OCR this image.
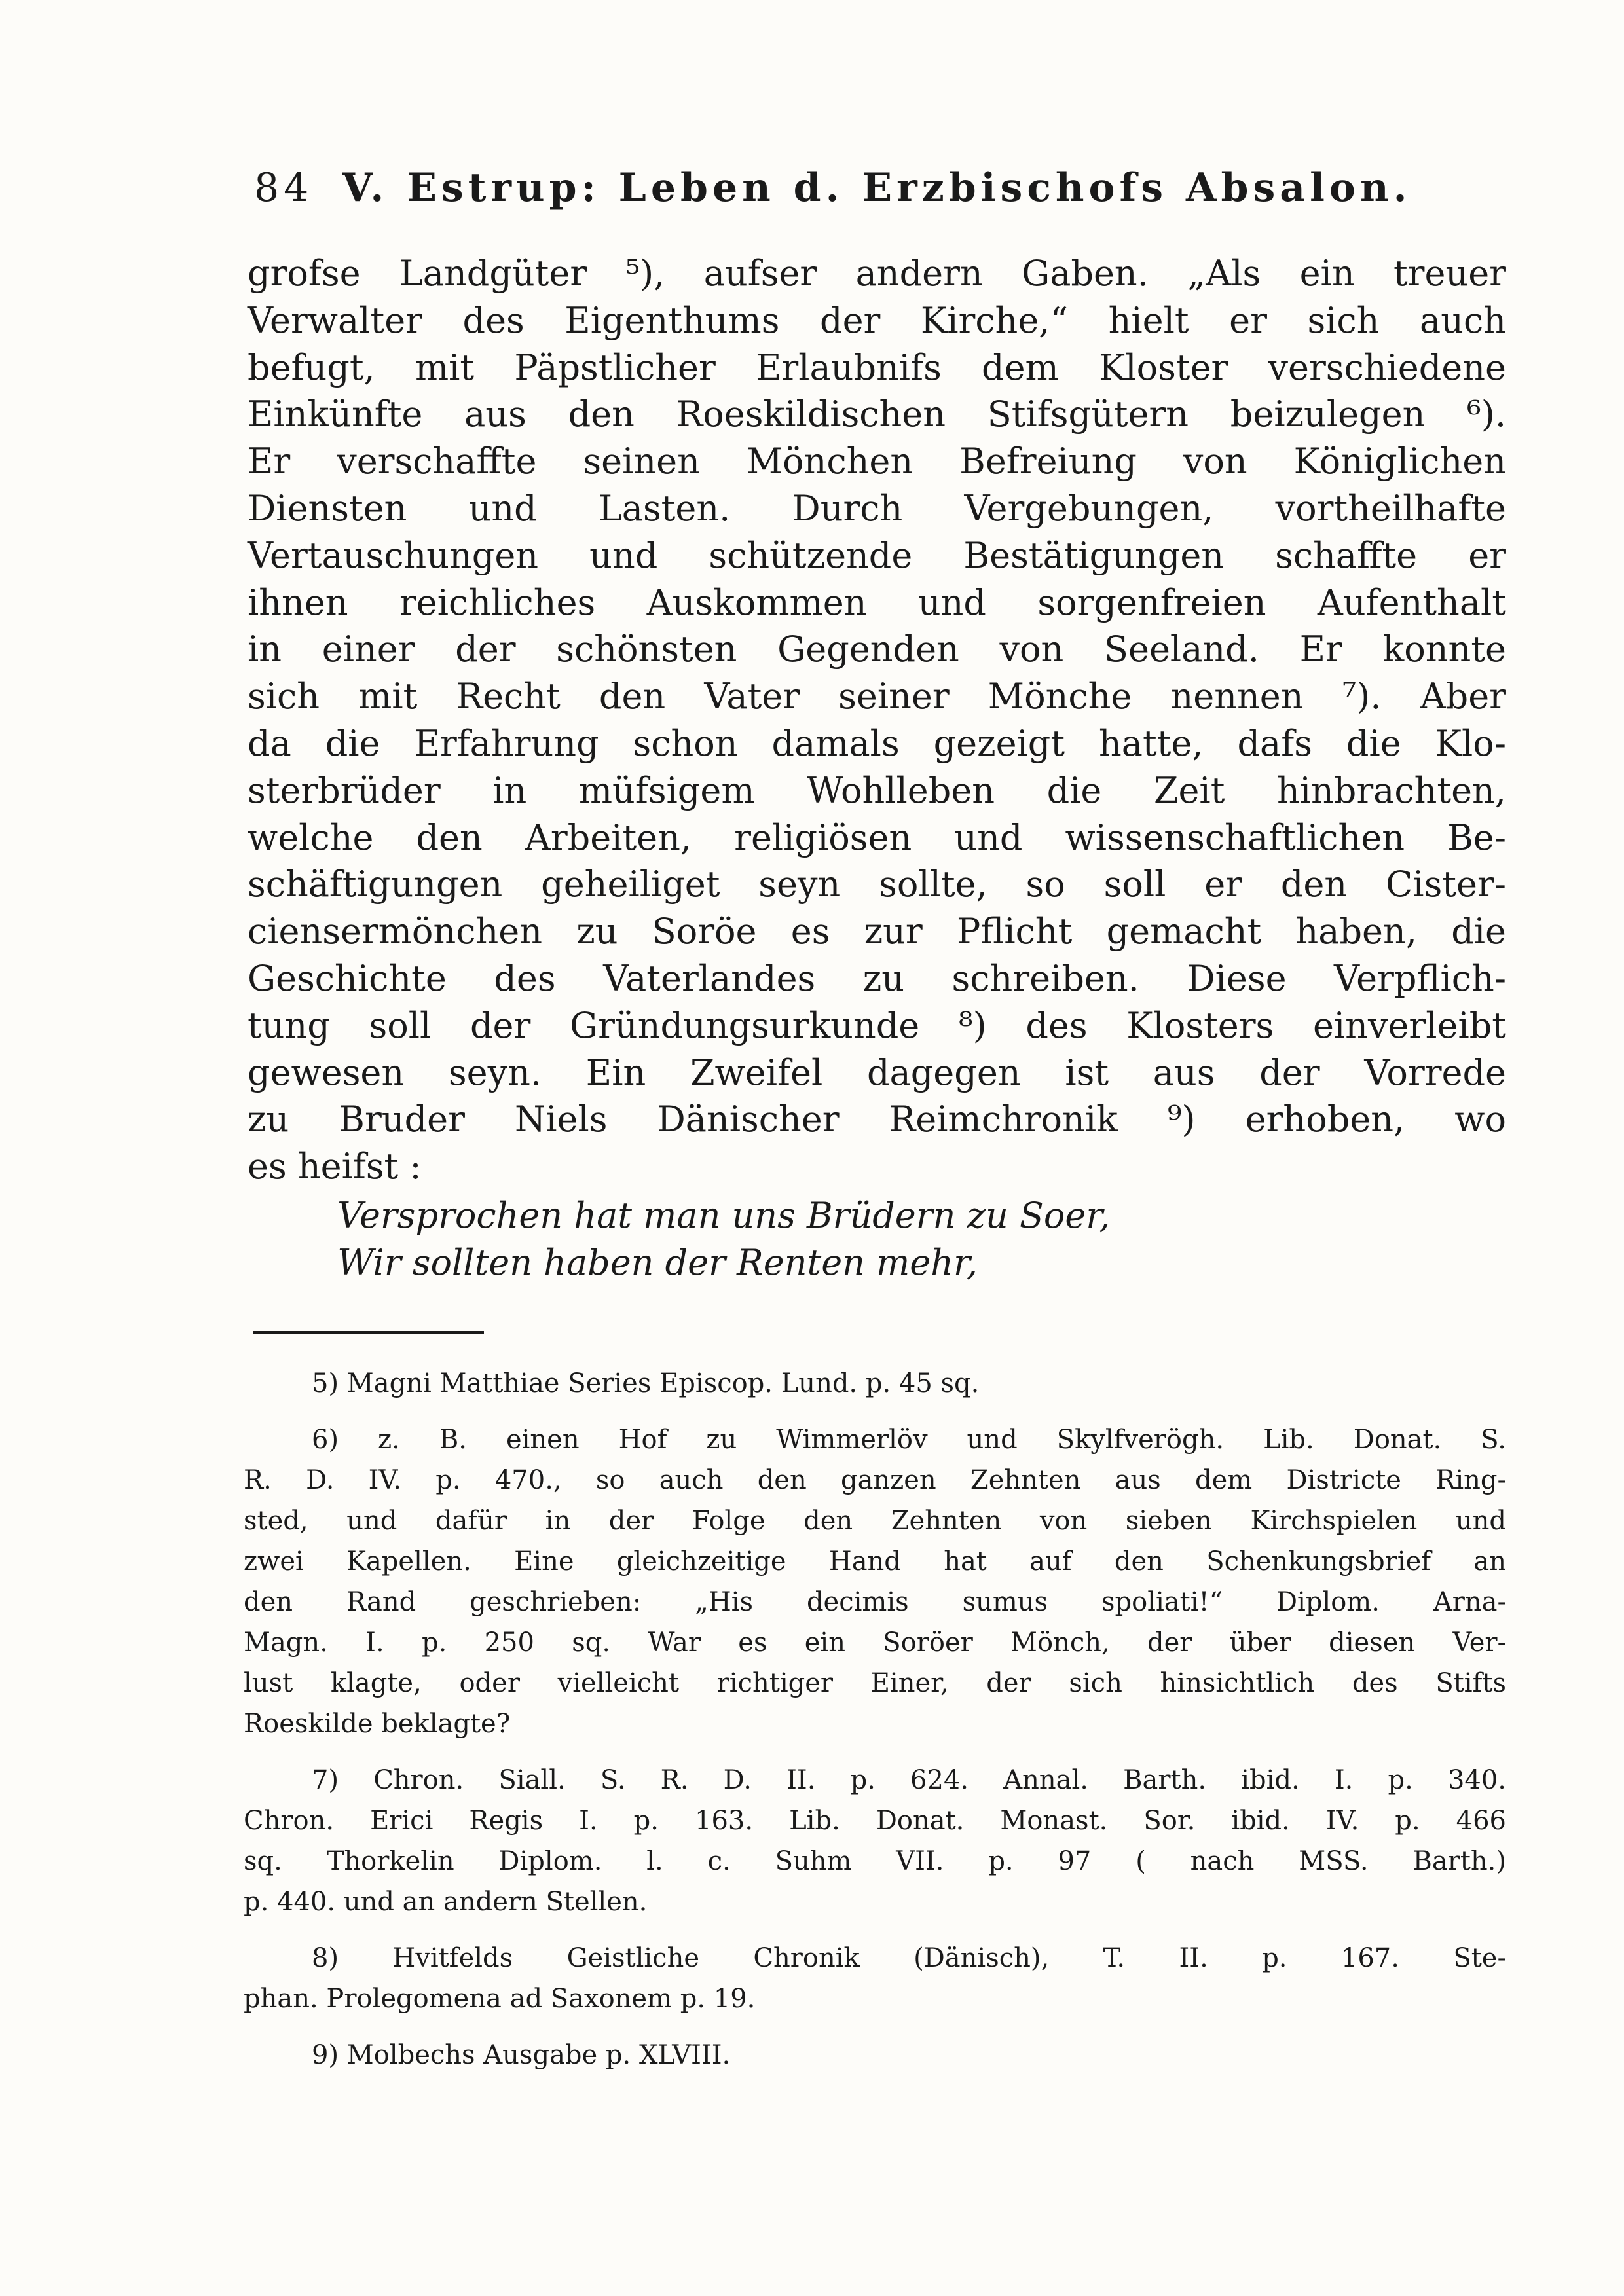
84 V. Estrup: Leben d. Erzbischofs Absalon.
grofse Landgüter ⁵), aufser andern Gaben. „Als ein treuer
Verwalter des Eigenthums der Kirche,“ hielt er sich auch
befugt, mit Päpstlicher Erlaubnifs dem Kloster verschiedene
Einkünfte aus den Roeskildischen Stifsgütern beizulegen ⁶).
Er verschaffte seinen Mönchen Befreiung von Königlichen
Diensten und Lasten. Durch Vergebungen, vortheilhafte
Vertauschungen und schützende Bestätigungen schaffte er
ihnen reichliches Auskommen und sorgenfreien Aufenthalt
in einer der schönsten Gegenden von Seeland. Er konnte
sich mit Recht den Vater seiner Mönche nennen ⁷). Aber
da die Erfahrung schon damals gezeigt hatte, dafs die Klo-
sterbrüder in müfsigem Wohlleben die Zeit hinbrachten,
welche den Arbeiten, religiösen und wissenschaftlichen Be-
schäftigungen geheiliget seyn sollte, so soll er den Cister-
ciensermönchen zu Soröe es zur Pflicht gemacht haben, die
Geschichte des Vaterlandes zu schreiben. Diese Verpflich-
tung soll der Gründungsurkunde ⁸) des Klosters einverleibt
gewesen seyn. Ein Zweifel dagegen ist aus der Vorrede
zu Bruder Niels Dänischer Reimchronik ⁹) erhoben, wo
es heifst :
Versprochen hat man uns Brüdern zu Soer,
Wir sollten haben der Renten mehr,
5) Magni Matthiae Series Episcop. Lund. p. 45 sq.
6) z. B. einen Hof zu Wimmerlöv und Skylfverögh. Lib. Donat. S.
R. D. IV. p. 470., so auch den ganzen Zehnten aus dem Districte Ring-
sted, und dafür in der Folge den Zehnten von sieben Kirchspielen und
zwei Kapellen. Eine gleichzeitige Hand hat auf den Schenkungsbrief an
den Rand geschrieben: „His decimis sumus spoliati!“ Diplom. Arna-
Magn. I. p. 250 sq. War es ein Soröer Mönch, der über diesen Ver-
lust klagte, oder vielleicht richtiger Einer, der sich hinsichtlich des Stifts
Roeskilde beklagte?
7) Chron. Siall. S. R. D. II. p. 624. Annal. Barth. ibid. I. p. 340.
Chron. Erici Regis I. p. 163. Lib. Donat. Monast. Sor. ibid. IV. p. 466
sq. Thorkelin Diplom. l. c. Suhm VII. p. 97 ( nach MSS. Barth.)
p. 440. und an andern Stellen.
8) Hvitfelds Geistliche Chronik (Dänisch), T. II. p. 167. Ste-
phan. Prolegomena ad Saxonem p. 19.
9) Molbechs Ausgabe p. XLVIII.
